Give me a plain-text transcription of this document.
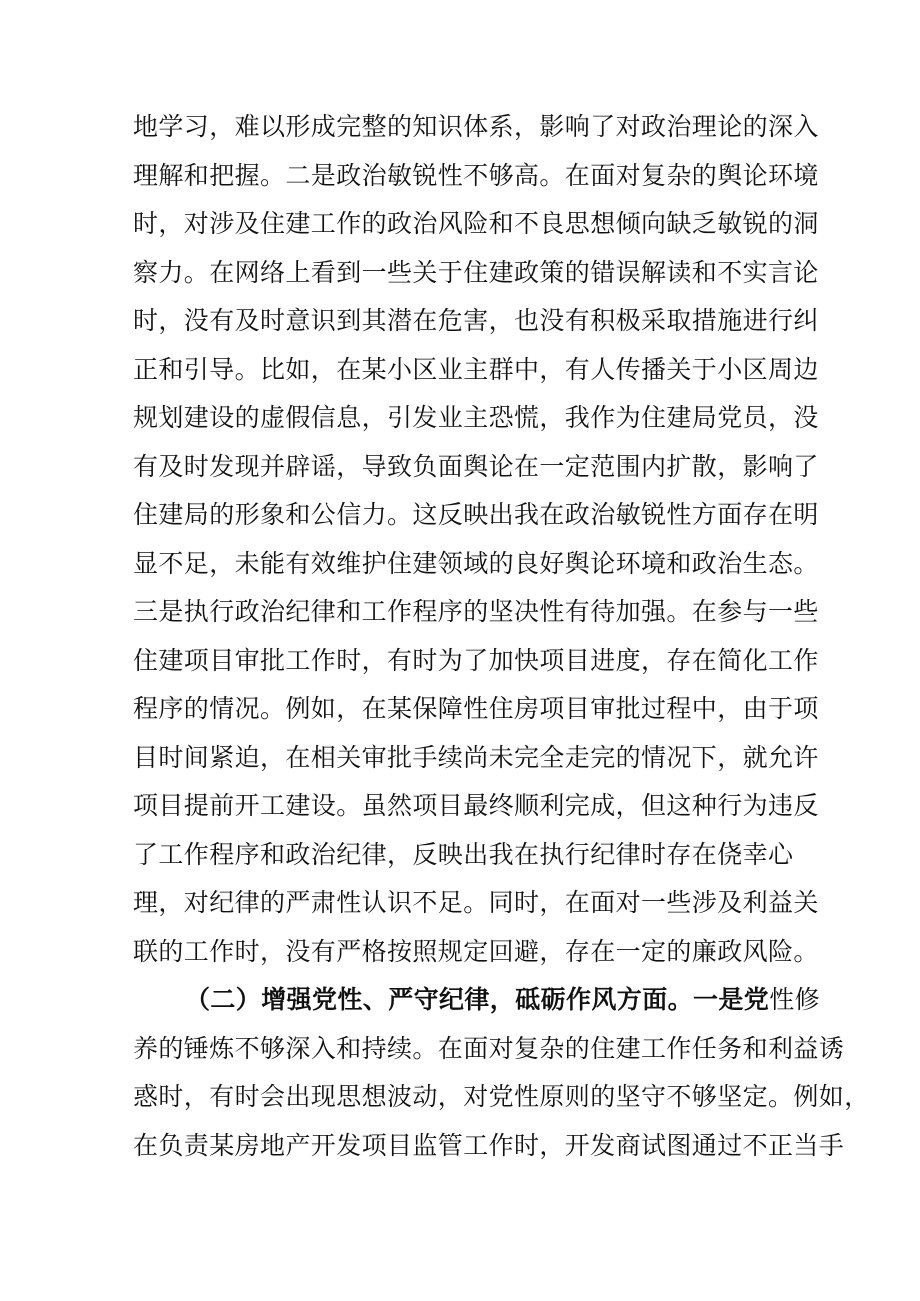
地学习，难以形成完整的知识体系，影响了对政治理论的深入
理解和把握。二是政治敏锐性不够高。在面对复杂的舆论环境
时，对涉及住建工作的政治风险和不良思想倾向缺乏敏锐的洞
察力。在网络上看到一些关于住建政策的错误解读和不实言论
时，没有及时意识到其潜在危害，也没有积极采取措施进行纠
正和引导。比如，在某小区业主群中，有人传播关于小区周边
规划建设的虚假信息，引发业主恐慌，我作为住建局党员，没
有及时发现并辟谣，导致负面舆论在一定范围内扩散，影响了
住建局的形象和公信力。这反映出我在政治敏锐性方面存在明
显不足，未能有效维护住建领域的良好舆论环境和政治生态。
三是执行政治纪律和工作程序的坚决性有待加强。在参与一些
住建项目审批工作时，有时为了加快项目进度，存在简化工作
程序的情况。例如，在某保障性住房项目审批过程中，由于项
目时间紧迫，在相关审批手续尚未完全走完的情况下，就允许
项目提前开工建设。虽然项目最终顺利完成，但这种行为违反
了工作程序和政治纪律，反映出我在执行纪律时存在侥幸心
理，对纪律的严肃性认识不足。同时，在面对一些涉及利益关
联的工作时，没有严格按照规定回避，存在一定的廉政风险。
（二）增强党性、严守纪律，砥砺作风方面。一是党性修
养的锤炼不够深入和持续。在面对复杂的住建工作任务和利益诱
惑时，有时会出现思想波动，对党性原则的坚守不够坚定。例如，
在负责某房地产开发项目监管工作时，开发商试图通过不正当手
